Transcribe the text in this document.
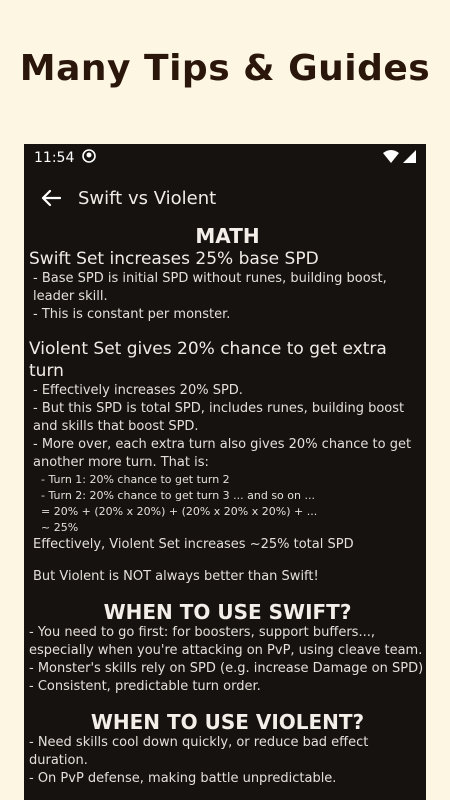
Many Tips & Guides
11:54
Swift vs Violent

MATH

Swift Set increases 25% base SPD

- Base SPD is initial SPD without runes, building boost,

leader skill.

- This is constant per monster.

Violent Set gives 20% chance to get extra turn

- Effectively increases 20% SPD.

- But this SPD is total SPD, includes runes, building boost

and skills that boost SPD.

- More over, each extra turn also gives 20% chance to get

another more turn. That is:

- Turn 1: 20% chance to get turn 2

- Turn 2: 20% chance to get turn 3 ... and so on ...

= 20% + (20% x 20%) + (20% x 20% x 20%) + ...

~ 25%

Effectively, Violent Set increases ~25% total SPD

But Violent is NOT always better than Swift!

WHEN TO USE SWIFT?

- You need to go first: for boosters, support buffers...,

especially when you're attacking on PvP, using cleave team.

- Monster's skills rely on SPD (e.g. increase Damage on SPD)

- Consistent, predictable turn order.

WHEN TO USE VIOLENT?

- Need skills cool down quickly, or reduce bad effect

duration.

- On PvP defense, making battle unpredictable.
